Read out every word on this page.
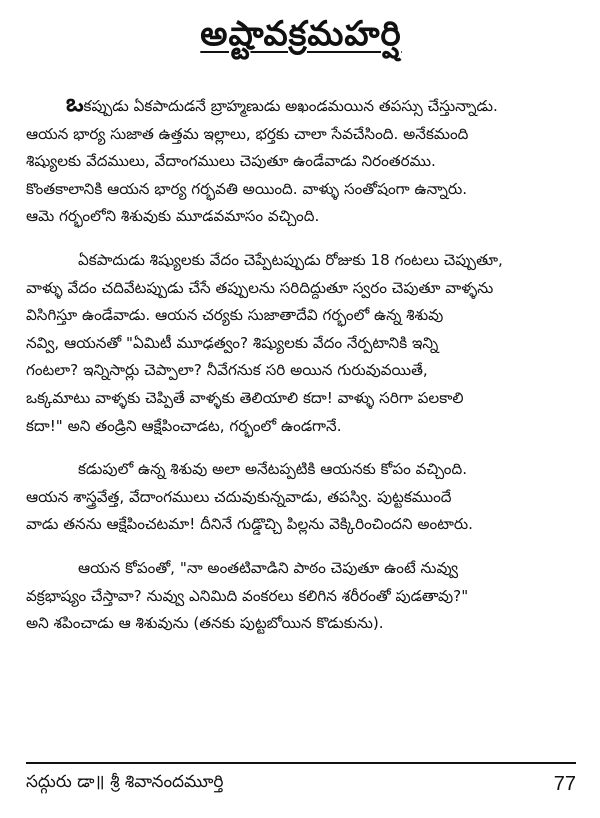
అష్టావక్రమహర్షి

ఒకప్పుడు ఏకపాదుడనే బ్రాహ్మణుడు అఖండమయిన తపస్సు చేస్తున్నాడు.
ఆయన భార్య సుజాత ఉత్తమ ఇల్లాలు, భర్తకు చాలా సేవచేసింది. అనేకమంది
శిష్యులకు వేదములు, వేదాంగములు చెపుతూ ఉండేవాడు నిరంతరము.
కొంతకాలానికి ఆయన భార్య గర్భవతి అయింది. వాళ్ళు సంతోషంగా ఉన్నారు.
ఆమె గర్భంలోని శిశువుకు మూడవమాసం వచ్చింది.

ఏకపాదుడు శిష్యులకు వేదం చెప్పేటప్పుడు రోజుకు 18 గంటలు చెప్పుతూ,
వాళ్ళు వేదం చదివేటప్పుడు చేసే తప్పులను సరిదిద్దుతూ స్వరం చెపుతూ వాళ్ళను
విసిగిస్తూ ఉండేవాడు. ఆయన చర్యకు సుజాతాదేవి గర్భంలో ఉన్న శిశువు
నవ్వి, ఆయనతో "ఏమిటీ మూఢత్వం? శిష్యులకు వేదం నేర్పటానికి ఇన్ని
గంటలా? ఇన్నిసార్లు చెప్పాలా? నీవేగనుక సరి అయిన గురువువయితే,
ఒక్కమాటు వాళ్ళకు చెప్పితే వాళ్ళకు తెలియాలి కదా! వాళ్ళు సరిగా పలకాలి
కదా!" అని తండ్రిని ఆక్షేపించాడట, గర్భంలో ఉండగానే.

కడుపులో ఉన్న శిశువు అలా అనేటప్పటికి ఆయనకు కోపం వచ్చింది.
ఆయన శాస్త్రవేత్త, వేదాంగములు చదువుకున్నవాడు, తపస్వి. పుట్టకముందే
వాడు తనను ఆక్షేపించటమా! దీనినే గుడ్డొచ్చి పిల్లను వెక్కిరించిందని అంటారు.

ఆయన కోపంతో, "నా అంతటివాడిని పాఠం చెపుతూ ఉంటే నువ్వు
వక్రభాష్యం చేస్తావా? నువ్వు ఎనిమిది వంకరలు కలిగిన శరీరంతో పుడతావు?"
అని శపించాడు ఆ శిశువును (తనకు పుట్టబోయిన కొడుకును).

సద్గురు డా॥ శ్రీ శివానందమూర్తి	77
